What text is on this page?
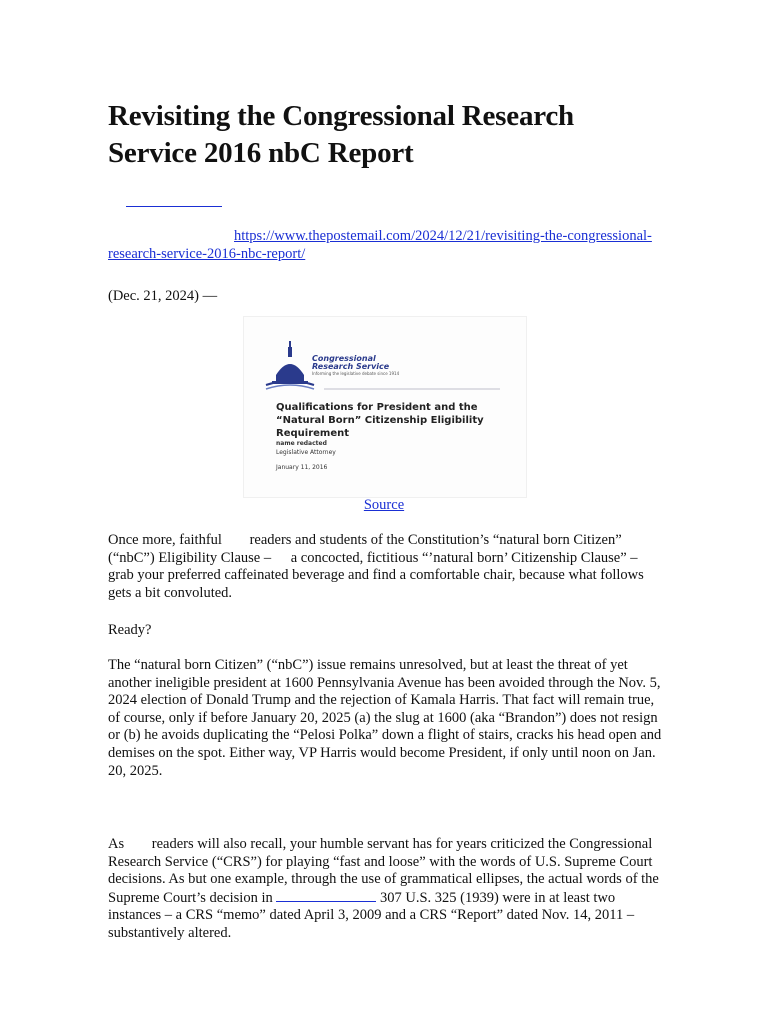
Revisiting the Congressional Research Service 2016 nbC Report
https://www.thepostemail.com/2024/12/21/revisiting-the-congressional-research-service-2016-nbc-report/
(Dec. 21, 2024) —
Congressional
Research Service
Informing the legislative debate since 1914
Qualifications for President and the “Natural Born” Citizenship Eligibility Requirement
name redacted
Legislative Attorney
January 11, 2016
Source

Once more, faithful readers and students of the Constitution’s “natural born Citizen” (“nbC”) Eligibility Clause – a concocted, fictitious “’natural born’ Citizenship Clause” – grab your preferred caffeinated beverage and find a comfortable chair, because what follows gets a bit convoluted.

Ready?

The “natural born Citizen” (“nbC”) issue remains unresolved, but at least the threat of yet another ineligible president at 1600 Pennsylvania Avenue has been avoided through the Nov. 5, 2024 election of Donald Trump and the rejection of Kamala Harris. That fact will remain true, of course, only if before January 20, 2025 (a) the slug at 1600 (aka “Brandon”) does not resign or (b) he avoids duplicating the “Pelosi Polka” down a flight of stairs, cracks his head open and demises on the spot. Either way, VP Harris would become President, if only until noon on Jan. 20, 2025.

As readers will also recall, your humble servant has for years criticized the Congressional Research Service (“CRS”) for playing “fast and loose” with the words of U.S. Supreme Court decisions. As but one example, through the use of grammatical ellipses, the actual words of the Supreme Court’s decision in	307 U.S. 325 (1939) were in at least two instances – a CRS “memo” dated April 3, 2009 and a CRS “Report” dated Nov. 14, 2011 – substantively altered.
